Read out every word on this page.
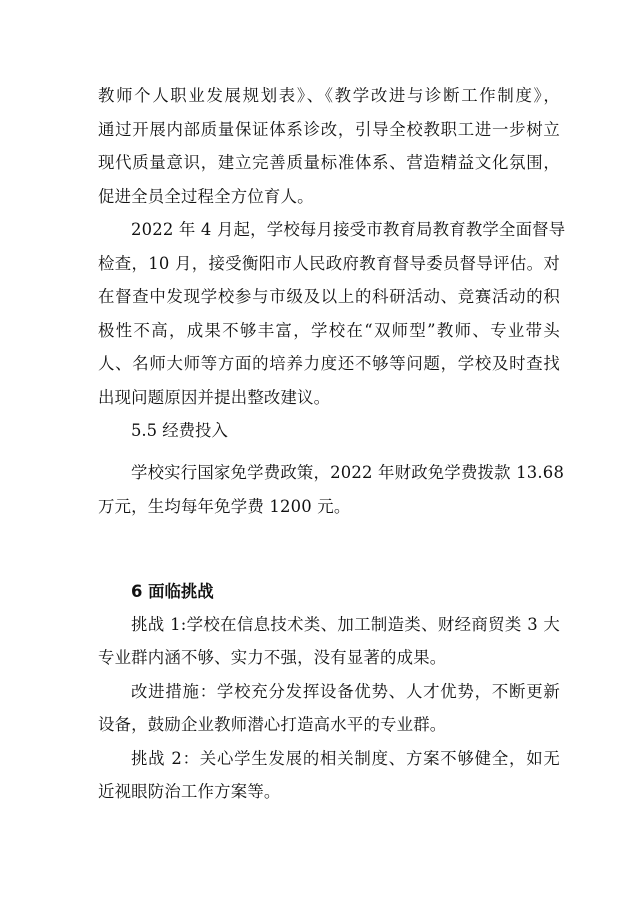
教师个人职业发展规划表》、《教学改进与诊断工作制度》，
通过开展内部质量保证体系诊改，引导全校教职工进一步树立
现代质量意识，建立完善质量标准体系、营造精益文化氛围，
促进全员全过程全方位育人。
2022 年 4 月起，学校每月接受市教育局教育教学全面督导
检查，10 月，接受衡阳市人民政府教育督导委员督导评估。对
在督查中发现学校参与市级及以上的科研活动、竞赛活动的积
极性不高，成果不够丰富，学校在“双师型”教师、专业带头
人、名师大师等方面的培养力度还不够等问题，学校及时查找
出现问题原因并提出整改建议。
5.5 经费投入
学校实行国家免学费政策，2022 年财政免学费拨款 13.68
万元，生均每年免学费 1200 元。
6 面临挑战
挑战 1:学校在信息技术类、加工制造类、财经商贸类 3 大
专业群内涵不够、实力不强，没有显著的成果。
改进措施：学校充分发挥设备优势、人才优势，不断更新
设备，鼓励企业教师潜心打造高水平的专业群。
挑战 2：关心学生发展的相关制度、方案不够健全，如无
近视眼防治工作方案等。
